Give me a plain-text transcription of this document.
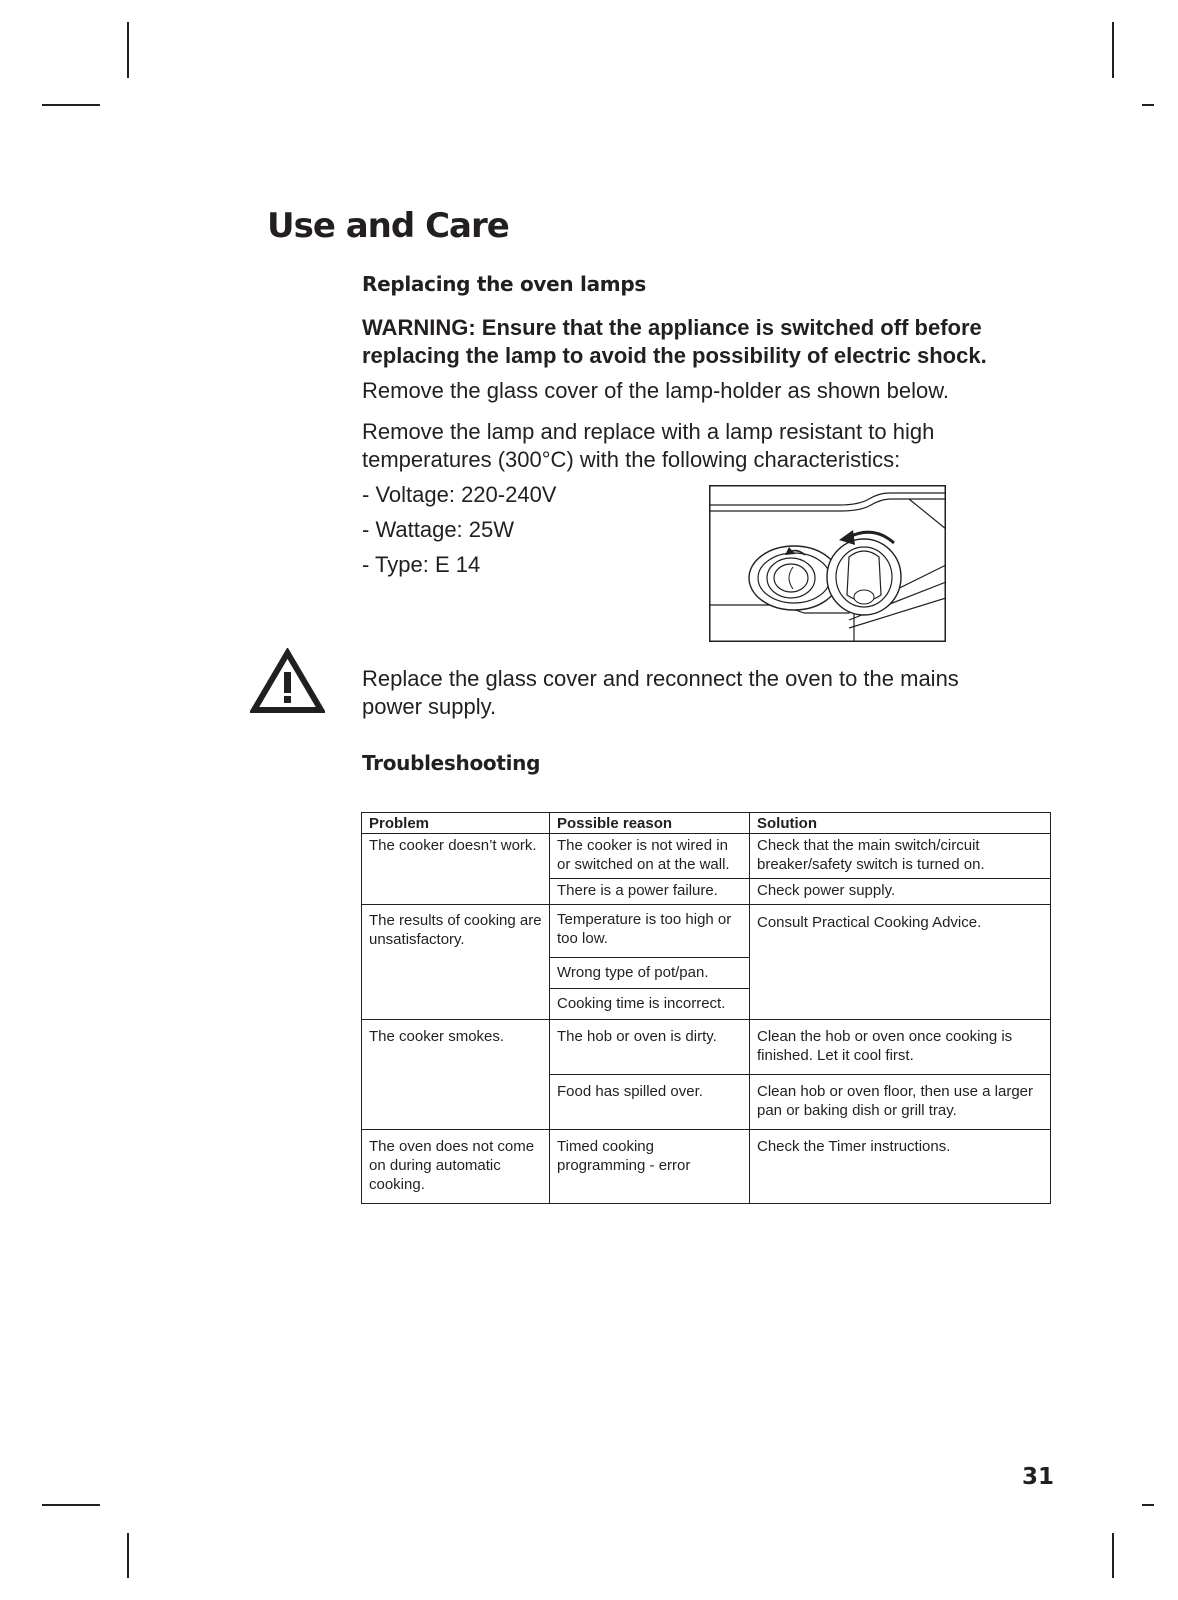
Use and Care
Replacing the oven lamps

WARNING: Ensure that the appliance is switched off before replacing the lamp to avoid the possibility of electric shock.

Remove the glass cover of the lamp-holder as shown below.

Remove the lamp and replace with a lamp resistant to high temperatures (300°C) with the following characteristics:

- Voltage: 220-240V
- Wattage: 25W
- Type: E 14

Replace the glass cover and reconnect the oven to the mains power supply.

Troubleshooting
Problem	Possible reason	Solution
The cooker doesn’t work.	The cooker is not wired in or switched on at the wall.	Check that the main switch/circuit breaker/safety switch is turned on.
	There is a power failure.	Check power supply.
The results of cooking are unsatisfactory.	Temperature is too high or too low.	Consult Practical Cooking Advice.
	Wrong type of pot/pan.	
	Cooking time is incorrect.	
The cooker smokes.	The hob or oven is dirty.	Clean the hob or oven once cooking is finished. Let it cool first.
	Food has spilled over.	Clean hob or oven floor, then use a larger pan or baking dish or grill tray.
The oven does not come on during automatic cooking.	Timed cooking programming - error	Check the Timer instructions.

31
